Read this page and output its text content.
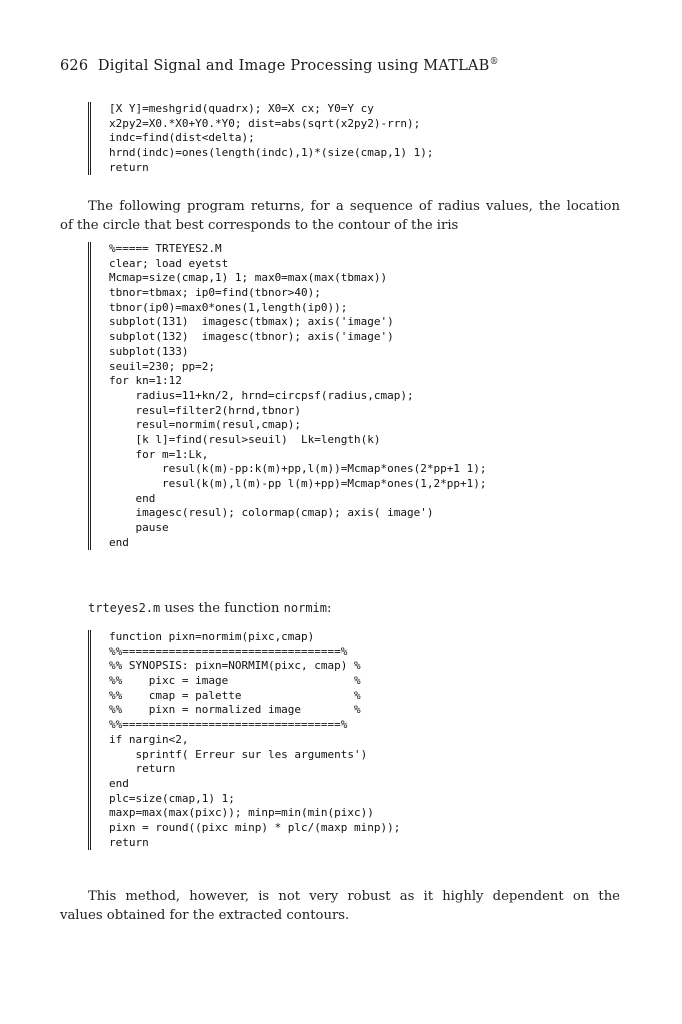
626 Digital Signal and Image Processing using MATLAB®
[X Y]=meshgrid(quadrx); X0=X cx; Y0=Y cy
x2py2=X0.*X0+Y0.*Y0; dist=abs(sqrt(x2py2)-rrn);
indc=find(dist<delta);
hrnd(indc)=ones(length(indc),1)*(size(cmap,1) 1);
return
The following program returns, for a sequence of radius values, the location
of the circle that best corresponds to the contour of the iris
%===== TRTEYES2.M
clear; load eyetst
Mcmap=size(cmap,1) 1; max0=max(max(tbmax))
tbnor=tbmax; ip0=find(tbnor>40);
tbnor(ip0)=max0*ones(1,length(ip0));
subplot(131)  imagesc(tbmax); axis('image')
subplot(132)  imagesc(tbnor); axis('image')
subplot(133)
seuil=230; pp=2;
for kn=1:12
radius=11+kn/2, hrnd=circpsf(radius,cmap);
resul=filter2(hrnd,tbnor)
resul=normim(resul,cmap);
[k l]=find(resul>seuil)  Lk=length(k)
for m=1:Lk,
resul(k(m)-pp:k(m)+pp,l(m))=Mcmap*ones(2*pp+1 1);
resul(k(m),l(m)-pp l(m)+pp)=Mcmap*ones(1,2*pp+1);
end
imagesc(resul); colormap(cmap); axis( image')
pause
end
trteyes2.m uses the function normim:
function pixn=normim(pixc,cmap)
%%=================================%
%% SYNOPSIS: pixn=NORMIM(pixc, cmap) %
%%    pixc = image                   %
%%    cmap = palette                 %
%%    pixn = normalized image        %
%%=================================%
if nargin<2,
sprintf( Erreur sur les arguments')
return
end
plc=size(cmap,1) 1;
maxp=max(max(pixc)); minp=min(min(pixc))
pixn = round((pixc minp) * plc/(maxp minp));
return
This method, however, is not very robust as it highly dependent on the
values obtained for the extracted contours.
